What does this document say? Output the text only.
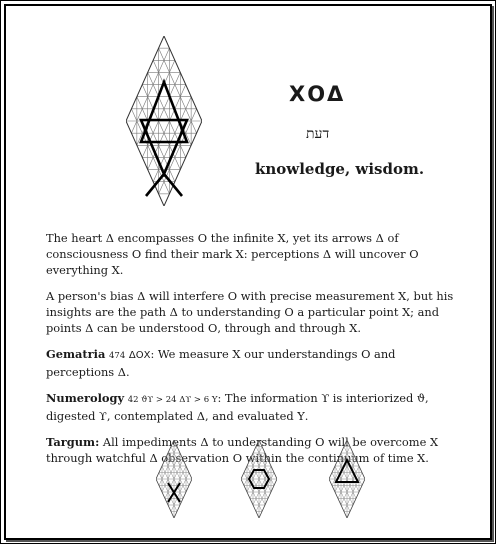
ΧΟΔ
דעת
knowledge, wisdom.

The heart Δ encompasses Ο the infinite Χ, yet its arrows Δ of consciousness Ο find their mark Χ: perceptions Δ will uncover Ο everything Χ.

A person's bias Δ will interfere Ο with precise measurement Χ, but his insights are the path Δ to understanding Ο a particular point Χ; and points Δ can be understood Ο, through and through Χ.

Gematria 474 ΔΟΧ: We measure Χ our understandings Ο and perceptions Δ.

Numerology 42 ϑϒ > 24 Δϒ > 6 Υ: The information ϒ is interiorized ϑ, digested ϒ, contemplated Δ, and evaluated Υ.

Targum: All impediments Δ to understanding Ο will be overcome Χ through watchful Δ observation Ο within the continuum of time Χ.
